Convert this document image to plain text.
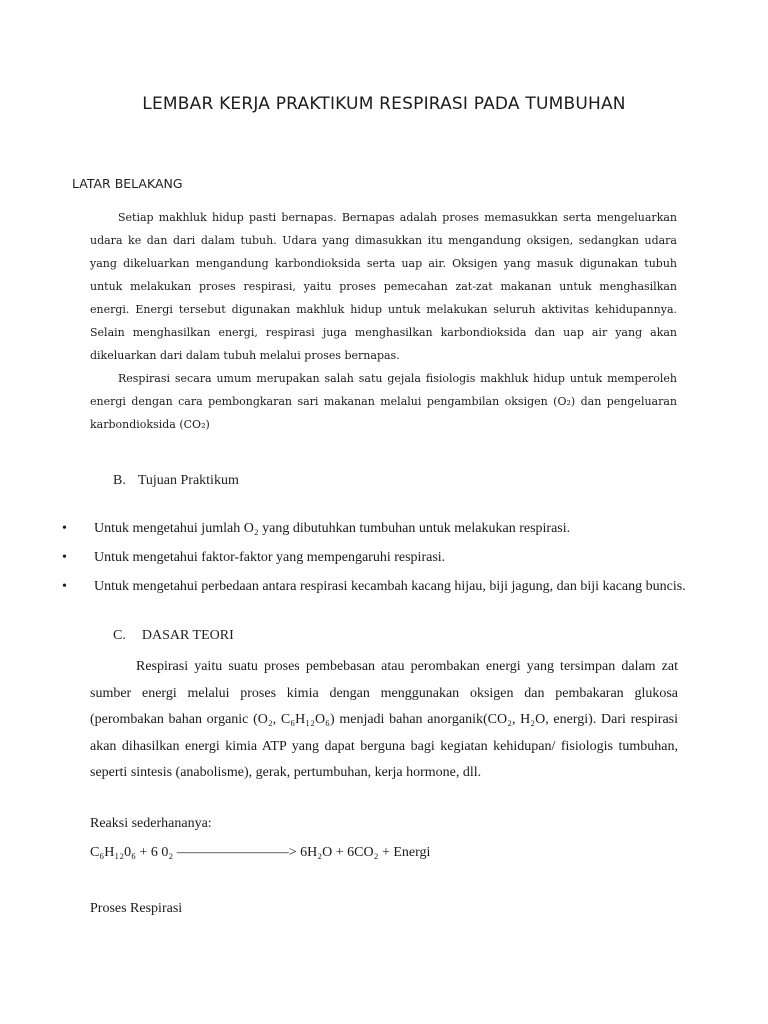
LEMBAR KERJA PRAKTIKUM RESPIRASI PADA TUMBUHAN
LATAR BELAKANG

Setiap makhluk hidup pasti bernapas. Bernapas adalah proses memasukkan serta mengeluarkan udara ke dan dari dalam tubuh. Udara yang dimasukkan itu mengandung oksigen, sedangkan udara yang dikeluarkan mengandung karbondioksida serta uap air. Oksigen yang masuk digunakan tubuh untuk melakukan proses respirasi, yaitu proses pemecahan zat-zat makanan untuk menghasilkan energi. Energi tersebut digunakan makhluk hidup untuk melakukan seluruh aktivitas kehidupannya. Selain menghasilkan energi, respirasi juga menghasilkan karbondioksida dan uap air yang akan dikeluarkan dari dalam tubuh melalui proses bernapas.

Respirasi secara umum merupakan salah satu gejala fisiologis makhluk hidup untuk memperoleh energi dengan cara pembongkaran sari makanan melalui pengambilan oksigen (O₂) dan pengeluaran karbondioksida (CO₂)

B. Tujuan Praktikum
• Untuk mengetahui jumlah O₂ yang dibutuhkan tumbuhan untuk melakukan respirasi.
• Untuk mengetahui faktor-faktor yang mempengaruhi respirasi.
• Untuk mengetahui perbedaan antara respirasi kecambah kacang hijau, biji jagung, dan biji kacang buncis.
C. DASAR TEORI

Respirasi yaitu suatu proses pembebasan atau perombakan energi yang tersimpan dalam zat sumber energi melalui proses kimia dengan menggunakan oksigen dan pembakaran glukosa (perombakan bahan organic (O₂, C₆H₁₂O₆) menjadi bahan anorganik(CO₂, H₂O, energi). Dari respirasi akan dihasilkan energi kimia ATP yang dapat berguna bagi kegiatan kehidupan/ fisiologis tumbuhan, seperti sintesis (anabolisme), gerak, pertumbuhan, kerja hormone, dll.

Reaksi sederhananya:
C₆H₁₂0₆ + 6 0₂ ————————> 6H₂O + 6CO₂ + Energi
Proses Respirasi
